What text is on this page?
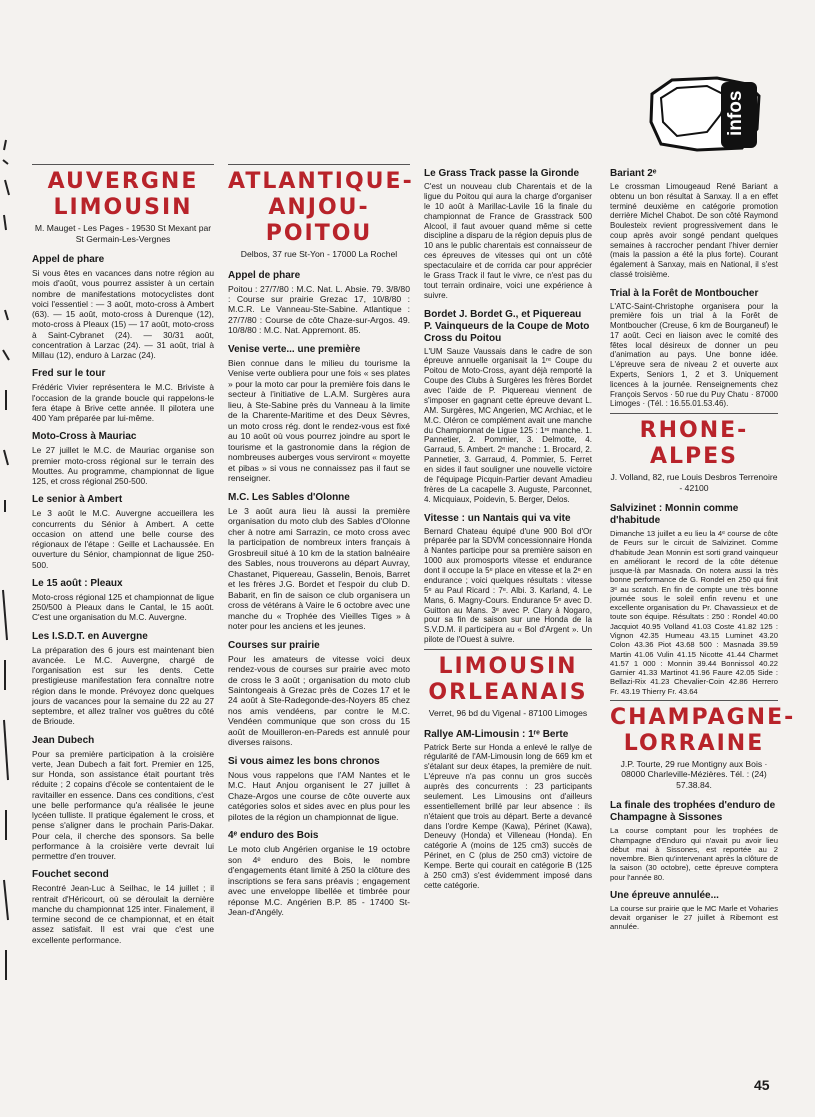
infos
AUVERGNE LIMOUSIN
M. Mauget - Les Pages - 19530 St Mexant par St Germain-Les-Vergnes
Appel de phare

Si vous êtes en vacances dans notre région au mois d'août, vous pourrez assister à un certain nombre de manifestations motocyclistes dont voici l'essentiel : — 3 août, moto-cross à Ambert (63). — 15 août, moto-cross à Durenque (12), moto-cross à Pleaux (15) — 17 août, moto-cross à Saint-Cybranet (24). — 30/31 août, concentration à Larzac (24). — 31 août, trial à Millau (12), enduro à Larzac (24).

Fred sur le tour

Frédéric Vivier représentera le M.C. Briviste à l'occasion de la grande boucle qui rappelons-le fera étape à Brive cette année. Il pilotera une 400 Yam préparée par lui-même.

Moto-Cross à Mauriac

Le 27 juillet le M.C. de Mauriac organise son premier moto-cross régional sur le terrain des Mouttes. Au programme, championnat de ligue 125, et cross régional 250-500.

Le senior à Ambert

Le 3 août le M.C. Auvergne accueillera les concurrents du Sénior à Ambert. A cette occasion on attend une belle course des régionaux de l'étape : Geille et Lachaussée. En ouverture du Sénior, championnat de ligue 250-500.

Le 15 août : Pleaux

Moto-cross régional 125 et championnat de ligue 250/500 à Pleaux dans le Cantal, le 15 août. C'est une organisation du M.C. Auvergne.

Les I.S.D.T. en Auvergne

La préparation des 6 jours est maintenant bien avancée. Le M.C. Auvergne, chargé de l'organisation est sur les dents. Cette prestigieuse manifestation fera connaître notre région dans le monde. Prévoyez donc quelques jours de vacances pour la semaine du 22 au 27 septembre, et allez traîner vos guêtres du côté de Brioude.

Jean Dubech

Pour sa première participation à la croisière verte, Jean Dubech a fait fort. Premier en 125, sur Honda, son assistance était pourtant très réduite ; 2 copains d'école se contentaient de le ravitailler en essence. Dans ces conditions, c'est une belle performance qu'a réalisée le jeune lycéen tulliste. Il pratique également le cross, et pense s'aligner dans le prochain Paris-Dakar. Pour cela, il cherche des sponsors. Sa belle performance à la croisière verte devrait lui permettre d'en trouver.

Fouchet second

Recontré Jean-Luc à Seilhac, le 14 juillet ; il rentrait d'Héricourt, où se déroulait la dernière manche du championnat 125 inter. Finalement, il termine second de ce championnat, et en était assez satisfait. Il est vrai que c'est une excellente performance.

ATLANTIQUE-ANJOU-POITOU
Delbos, 37 rue St-Yon - 17000 La Rochel
Appel de phare

Poitou : 27/7/80 : M.C. Nat. L. Absie. 79. 3/8/80 : Course sur prairie Grezac 17, 10/8/80 : M.C.R. Le Vanneau-Ste-Sabine. Atlantique : 27/7/80 : Course de côte Chaze-sur-Argos. 49. 10/8/80 : M.C. Nat. Appremont. 85.

Venise verte... une première

Bien connue dans le milieu du tourisme la Venise verte oubliera pour une fois « ses plates » pour la moto car pour la première fois dans le secteur à l'initiative de L.A.M. Surgères aura lieu, à Ste-Sabine près du Vanneau à la limite de la Charente-Maritime et des Deux Sèvres, un moto cross rég. dont le rendez-vous est fixé au 10 août où vous pourrez joindre au sport le tourisme et la gastronomie dans la région de nombreuses auberges vous serviront « moyette et pibas » si vous ne connaissez pas il faut se renseigner.

M.C. Les Sables d'Olonne

Le 3 août aura lieu là aussi la première organisation du moto club des Sables d'Olonne cher à notre ami Sarrazin, ce moto cross avec la participation de nombreux inters français à Grosbreuil situé à 10 km de la station balnéaire des Sables, nous trouverons au départ Auvray, Chastanet, Piquereau, Gasselin, Benois, Barret et les frères J.G. Bordet et l'espoir du club D. Babarit, en fin de saison ce club organisera un cross de vétérans à Vaire le 6 octobre avec une manche du « Trophée des Vieilles Tiges » à noter pour les anciens et les jeunes.

Courses sur prairie

Pour les amateurs de vitesse voici deux rendez-vous de courses sur prairie avec moto de cross le 3 août ; organisation du moto club Saintongeais à Grezac près de Cozes 17 et le 24 août à Ste-Radegonde-des-Noyers 85 chez nos amis vendéens, par contre le M.C. Vendéen communique que son cross du 15 août de Mouilleron-en-Pareds est annulé pour diverses raisons.

Si vous aimez les bons chronos

Nous vous rappelons que l'AM Nantes et le M.C. Haut Anjou organisent le 27 juillet à Chaze-Argos une course de côte ouverte aux catégories solos et sides avec en plus pour les pilotes de la région un championnat de ligue.

4ᵉ enduro des Bois

Le moto club Angérien organise le 19 octobre son 4ᵉ enduro des Bois, le nombre d'engagements étant limité à 250 la clôture des inscriptions se fera sans préavis ; engagement avec une enveloppe libellée et timbrée pour réponse M.C. Angérien B.P. 85 - 17400 St-Jean-d'Angély.

Le Grass Track passe la Gironde

C'est un nouveau club Charentais et de la ligue du Poitou qui aura la charge d'organiser le 10 août à Marillac-Lavile 16 la finale du championnat de France de Grasstrack 500 Alcool, il faut avouer quand même si cette discipline a disparu de la région depuis plus de 10 ans le public charentais est connaisseur de ces épreuves de vitesses qui ont un côté spectaculaire et de corrida car pour apprécier le Grass Track il faut le vivre, ce n'est pas du tout terrain ordinaire, voici une expérience à suivre.

Bordet J. Bordet G., et Piquereau P. Vainqueurs de la Coupe de Moto Cross du Poitou

L'UM Sauze Vaussais dans le cadre de son épreuve annuelle organisait la 1ʳᵉ Coupe du Poitou de Moto-Cross, ayant déjà remporté la Coupe des Clubs à Surgères les frères Bordet avec l'aide de P. Piquereau viennent de s'imposer en gagnant cette épreuve devant L. AM. Surgères, MC Angerien, MC Archiac, et le M.C. Oléron ce complément avait une manche du Championnat de Ligue 125 : 1ʳᵉ manche. 1. Pannetier, 2. Pommier, 3. Delmotte, 4. Garraud, 5. Ambert. 2ᵉ manche : 1. Brocard, 2. Pannetier, 3. Garraud, 4. Pommier, 5. Ferret en sides il faut souligner une nouvelle victoire de l'équipage Picquin-Partier devant Amadieu frères de La cacapelle 3. Auguste, Parconnet, 4. Micquiaux, Poidevin, 5. Berger, Delos.

Vitesse : un Nantais qui va vite

Bernard Chateau équipé d'une 900 Bol d'Or préparée par la SDVM concessionnaire Honda à Nantes participe pour sa première saison en 1000 aux promosports vitesse et endurance dont il occupe la 5ᵉ place en vitesse et la 2ᵉ en endurance ; voici quelques résultats : vitesse 5ᵉ au Paul Ricard : 7ᵉ. Albi. 3. Karland, 4. Le Mans, 6. Magny-Cours. Endurance 5ᵉ avec D. Guitton au Mans. 3ᵉ avec P. Clary à Nogaro, pour sa fin de saison sur une Honda de la S.V.D.M. il participera au « Bol d'Argent ». Un pilote de l'Ouest à suivre.

LIMOUSIN ORLEANAIS
Verret, 96 bd du Vigenal - 87100 Limoges
Rallye AM-Limousin : 1ʳᵉ Berte

Patrick Berte sur Honda a enlevé le rallye de régularité de l'AM-Limousin long de 669 km et s'étalant sur deux étapes, la première de nuit. L'épreuve n'a pas connu un gros succès auprès des concurrents : 23 participants seulement. Les Limousins ont d'ailleurs essentiellement brillé par leur absence : ils n'étaient que trois au départ. Berte a devancé dans l'ordre Kempe (Kawa), Périnet (Kawa), Deneuvy (Honda) et Villeneau (Honda). En catégorie A (moins de 125 cm3) succès de Périnet, en C (plus de 250 cm3) victoire de Kempe. Berte qui courait en catégorie B (125 à 250 cm3) s'est évidemment imposé dans cette catégorie.

Bariant 2ᵉ

Le crossman Limougeaud René Bariant a obtenu un bon résultat à Sanxay. Il a en effet terminé deuxième en catégorie promotion derrière Michel Chabot. De son côté Raymond Boulesteix revient progressivement dans le coup après avoir songé pendant quelques semaines à raccrocher pendant l'hiver dernier (mais la passion a été la plus forte). Courant également à Sanxay, mais en National, il s'est classé troisième.

Trial à la Forêt de Montboucher

L'ATC-Saint-Christophe organisera pour la première fois un trial à la Forêt de Montboucher (Creuse, 6 km de Bourganeuf) le 17 août. Ceci en liaison avec le comité des fêtes local désireux de donner un peu d'animation au pays. Une bonne idée. L'épreuve sera de niveau 2 et ouverte aux Experts, Seniors 1, 2 et 3. Uniquement licences à la journée. Renseignements chez François Servos · 50 rue du Puy Chatu · 87000 Limoges · (Tél. : 16.55.01.53.46).

RHONE-ALPES
J. Volland, 82, rue Louis Desbros Terrenoire - 42100
Salvizinet : Monnin comme d'habitude

Dimanche 13 juillet a eu lieu la 4ᵉ course de côte de Feurs sur le circuit de Salvizinet. Comme d'habitude Jean Monnin est sorti grand vainqueur en améliorant le record de la côte détenue jusque-là par Masnada. On notera aussi la très bonne performance de G. Rondel en 250 qui finit 3ᵉ au scratch. En fin de compte une très bonne journée sous le soleil enfin revenu et une excellente organisation du Pr. Chavassieux et de toute son équipe. Résultats : 250 : Rondel 40.00 Jacquiot 40.95 Volland 41.03 Coste 41.82 125 : Vignon 42.35 Humeau 43.15 Luminet 43.20 Colon 43.36 Piot 43.68 500 : Masnada 39.59 Martin 41.06 Vulin 41.15 Nicotte 41.44 Charmet 41.57 1 000 : Monnin 39.44 Bonnissol 40.22 Garnier 41.33 Martinot 41.96 Faure 42.05 Side : Bellazi-Rix 41.23 Chevalier-Coin 42.86 Herrero Fr. 43.19 Thierry Fr. 43.64

CHAMPAGNE-LORRAINE
J.P. Tourte, 29 rue Montigny aux Bois · 08000 Charleville-Mézières. Tél. : (24) 57.38.84.
La finale des trophées d'enduro de Champagne à Sissones

La course comptant pour les trophées de Champagne d'Enduro qui n'avait pu avoir lieu début mai à Sissones, est reportée au 2 novembre. Bien qu'intervenant après la clôture de la saison (30 octobre), cette épreuve comptera pour l'année 80.

Une épreuve annulée...

La course sur prairie que le MC Marle et Voharies devait organiser le 27 juillet à Ribemont est annulée.

45
